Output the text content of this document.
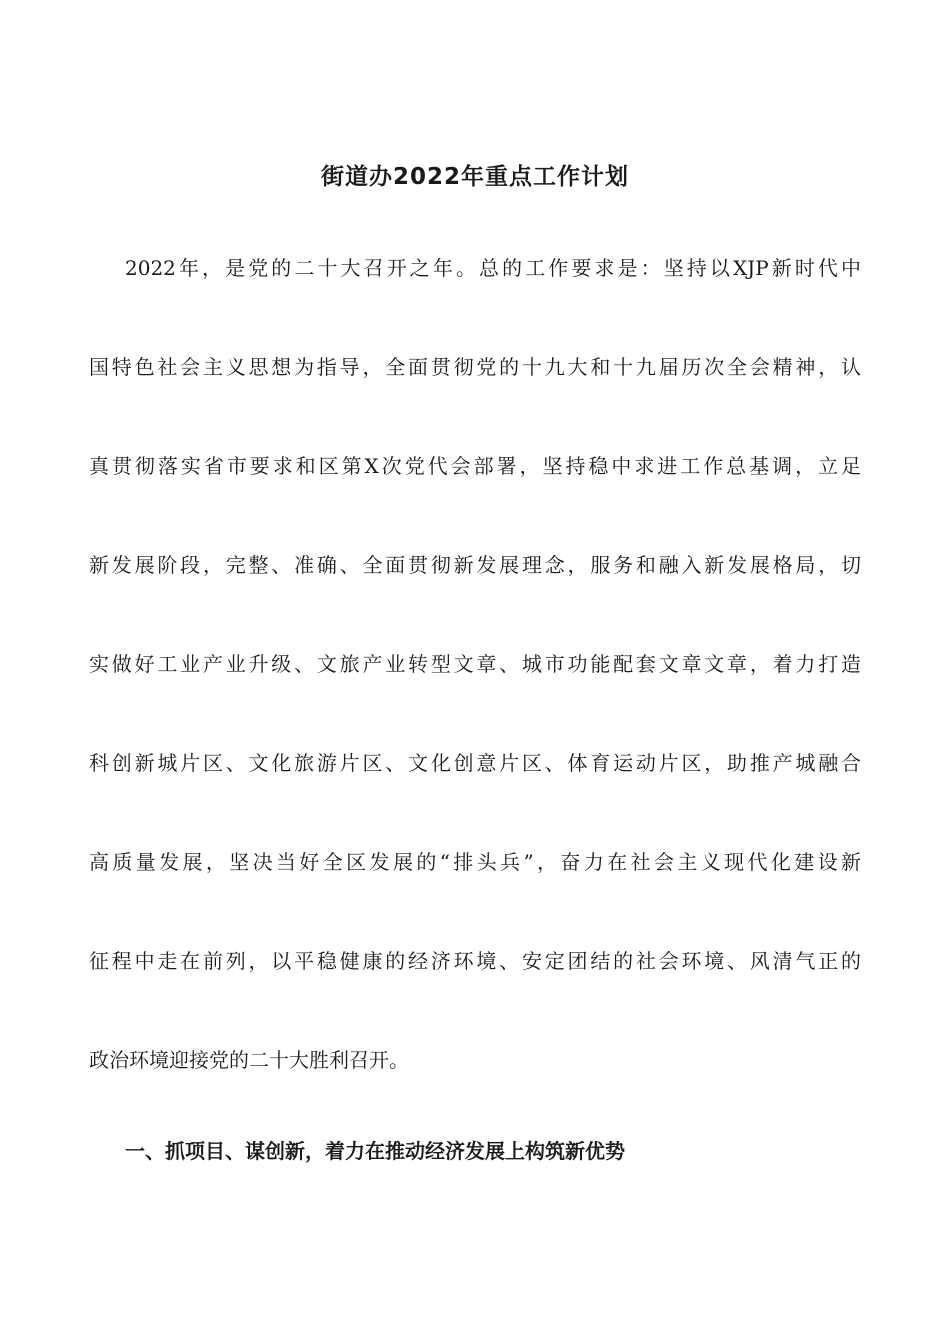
街道办2022年重点工作计划
2022年，是党的二十大召开之年。总的工作要求是：坚持以XJP新时代中
国特色社会主义思想为指导，全面贯彻党的十九大和十九届历次全会精神，认
真贯彻落实省市要求和区第X次党代会部署，坚持稳中求进工作总基调，立足
新发展阶段，完整、准确、全面贯彻新发展理念，服务和融入新发展格局，切
实做好工业产业升级、文旅产业转型文章、城市功能配套文章文章，着力打造
科创新城片区、文化旅游片区、文化创意片区、体育运动片区，助推产城融合
高质量发展，坚决当好全区发展的“排头兵”，奋力在社会主义现代化建设新
征程中走在前列，以平稳健康的经济环境、安定团结的社会环境、风清气正的
政治环境迎接党的二十大胜利召开。
一、抓项目、谋创新，着力在推动经济发展上构筑新优势
